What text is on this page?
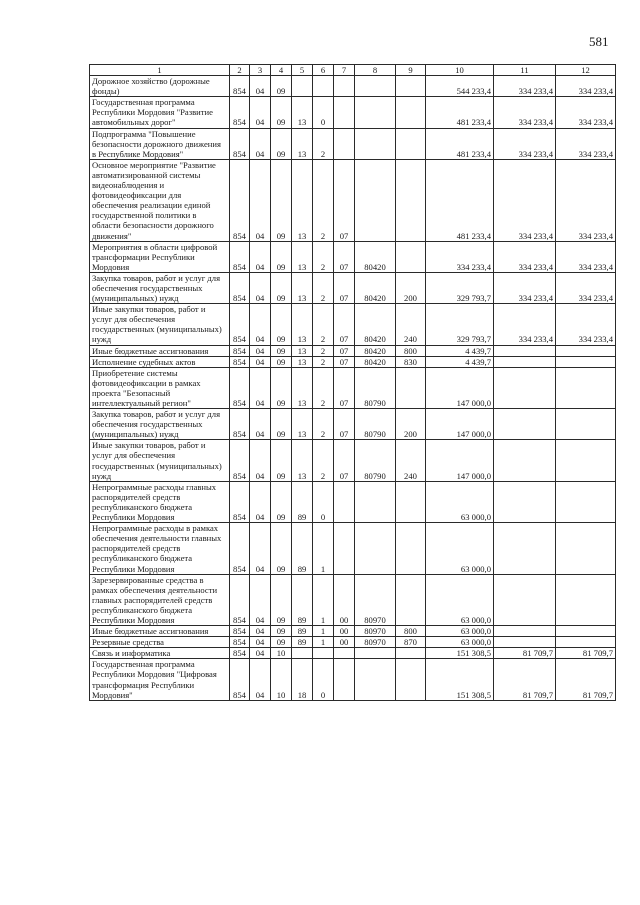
581
1	2	3	4	5	6	7	8	9	10	11	12
Дорожное хозяйство (дорожные фонды)	854	04	09						544 233,4	334 233,4	334 233,4
Государственная программа Республики Мордовия "Развитие автомобильных дорог"	854	04	09	13	0				481 233,4	334 233,4	334 233,4
Подпрограмма "Повышение безопасности дорожного движения в Республике Мордовия"	854	04	09	13	2				481 233,4	334 233,4	334 233,4
Основное мероприятие "Развитие автоматизированной системы видеонаблюдения и фотовидеофиксации для обеспечения реализации единой государственной политики в области безопасности дорожного движения"	854	04	09	13	2	07			481 233,4	334 233,4	334 233,4
Мероприятия в области цифровой трансформации Республики Мордовия	854	04	09	13	2	07	80420		334 233,4	334 233,4	334 233,4
Закупка товаров, работ и услуг для обеспечения государственных (муниципальных) нужд	854	04	09	13	2	07	80420	200	329 793,7	334 233,4	334 233,4
Иные закупки товаров, работ и услуг для обеспечения государственных (муниципальных) нужд	854	04	09	13	2	07	80420	240	329 793,7	334 233,4	334 233,4
Иные бюджетные ассигнования	854	04	09	13	2	07	80420	800	4 439,7		
Исполнение судебных актов	854	04	09	13	2	07	80420	830	4 439,7		
Приобретение системы фотовидеофиксации в рамках проекта "Безопасный интеллектуальный регион"	854	04	09	13	2	07	80790		147 000,0		
Закупка товаров, работ и услуг для обеспечения государственных (муниципальных) нужд	854	04	09	13	2	07	80790	200	147 000,0		
Иные закупки товаров, работ и услуг для обеспечения государственных (муниципальных) нужд	854	04	09	13	2	07	80790	240	147 000,0		
Непрограммные расходы главных распорядителей средств республиканского бюджета Республики Мордовия	854	04	09	89	0				63 000,0		
Непрограммные расходы в рамках обеспечения деятельности главных распорядителей средств республиканского бюджета Республики Мордовия	854	04	09	89	1				63 000,0		
Зарезервированные средства в рамках обеспечения деятельности главных распорядителей средств республиканского бюджета Республики Мордовия	854	04	09	89	1	00	80970		63 000,0		
Иные бюджетные ассигнования	854	04	09	89	1	00	80970	800	63 000,0		
Резервные средства	854	04	09	89	1	00	80970	870	63 000,0		
Связь и информатика	854	04	10						151 308,5	81 709,7	81 709,7
Государственная программа Республики Мордовия "Цифровая трансформация Республики Мордовия"	854	04	10	18	0				151 308,5	81 709,7	81 709,7
